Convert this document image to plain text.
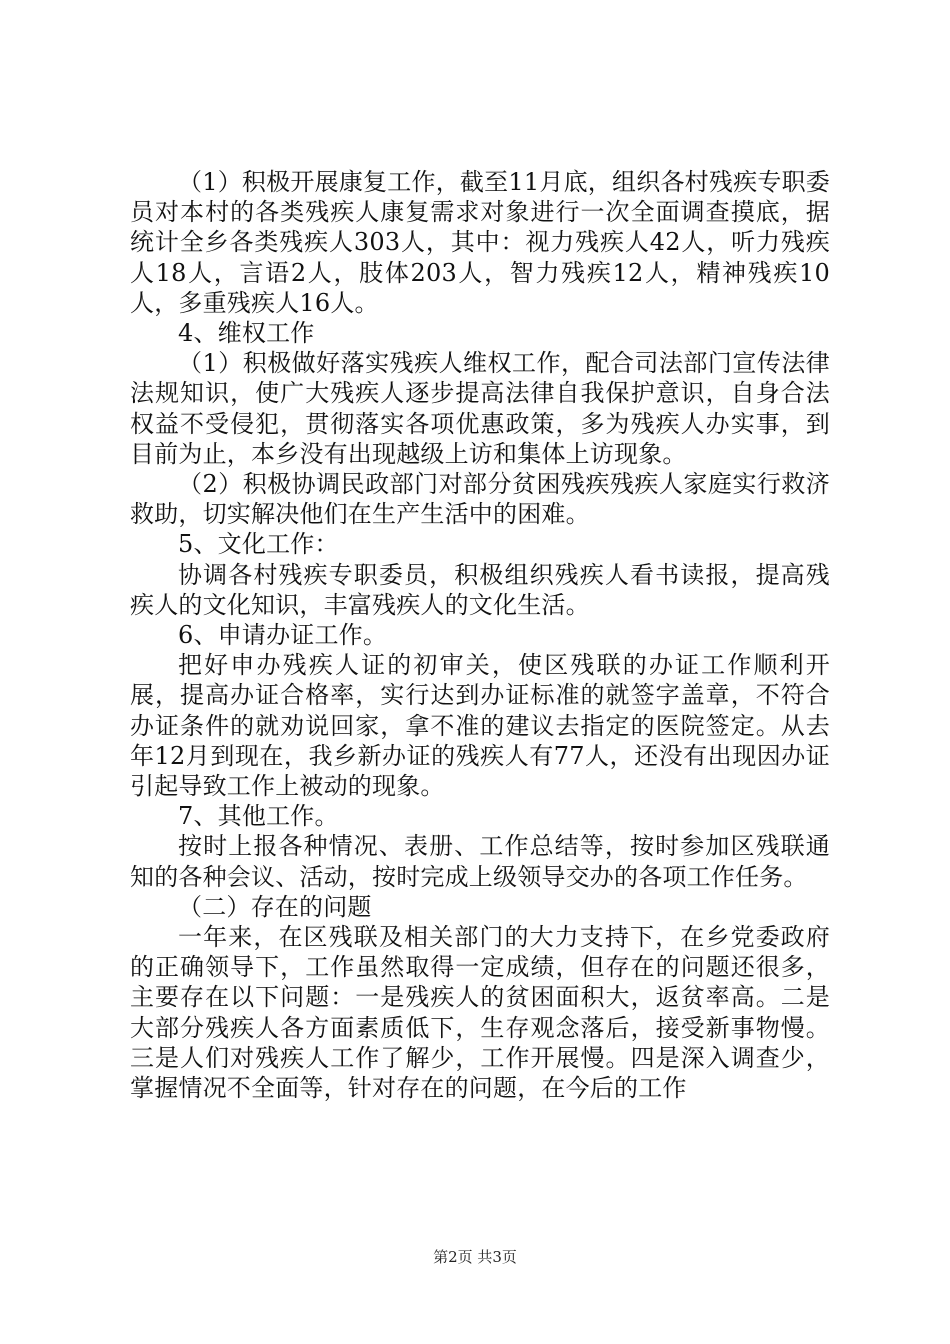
（1）积极开展康复工作，截至11月底，组织各村残疾专职委员对本村的各类残疾人康复需求对象进行一次全面调查摸底，据统计全乡各类残疾人303人，其中：视力残疾人42人，听力残疾人18人，言语2人，肢体203人，智力残疾12人，精神残疾10人，多重残疾人16人。

4、维权工作

（1）积极做好落实残疾人维权工作，配合司法部门宣传法律法规知识，使广大残疾人逐步提高法律自我保护意识，自身合法权益不受侵犯，贯彻落实各项优惠政策，多为残疾人办实事，到目前为止，本乡没有出现越级上访和集体上访现象。

（2）积极协调民政部门对部分贫困残疾残疾人家庭实行救济救助，切实解决他们在生产生活中的困难。

5、文化工作：

协调各村残疾专职委员，积极组织残疾人看书读报，提高残疾人的文化知识，丰富残疾人的文化生活。

6、申请办证工作。

把好申办残疾人证的初审关，使区残联的办证工作顺利开展，提高办证合格率，实行达到办证标准的就签字盖章，不符合办证条件的就劝说回家，拿不准的建议去指定的医院签定。从去年12月到现在，我乡新办证的残疾人有77人，还没有出现因办证引起导致工作上被动的现象。

7、其他工作。

按时上报各种情况、表册、工作总结等，按时参加区残联通知的各种会议、活动，按时完成上级领导交办的各项工作任务。

（二）存在的问题

一年来，在区残联及相关部门的大力支持下，在乡党委政府的正确领导下，工作虽然取得一定成绩，但存在的问题还很多，主要存在以下问题：一是残疾人的贫困面积大，返贫率高。二是大部分残疾人各方面素质低下，生存观念落后，接受新事物慢。三是人们对残疾人工作了解少，工作开展慢。四是深入调查少，掌握情况不全面等，针对存在的问题，在今后的工作

第2页 共3页
